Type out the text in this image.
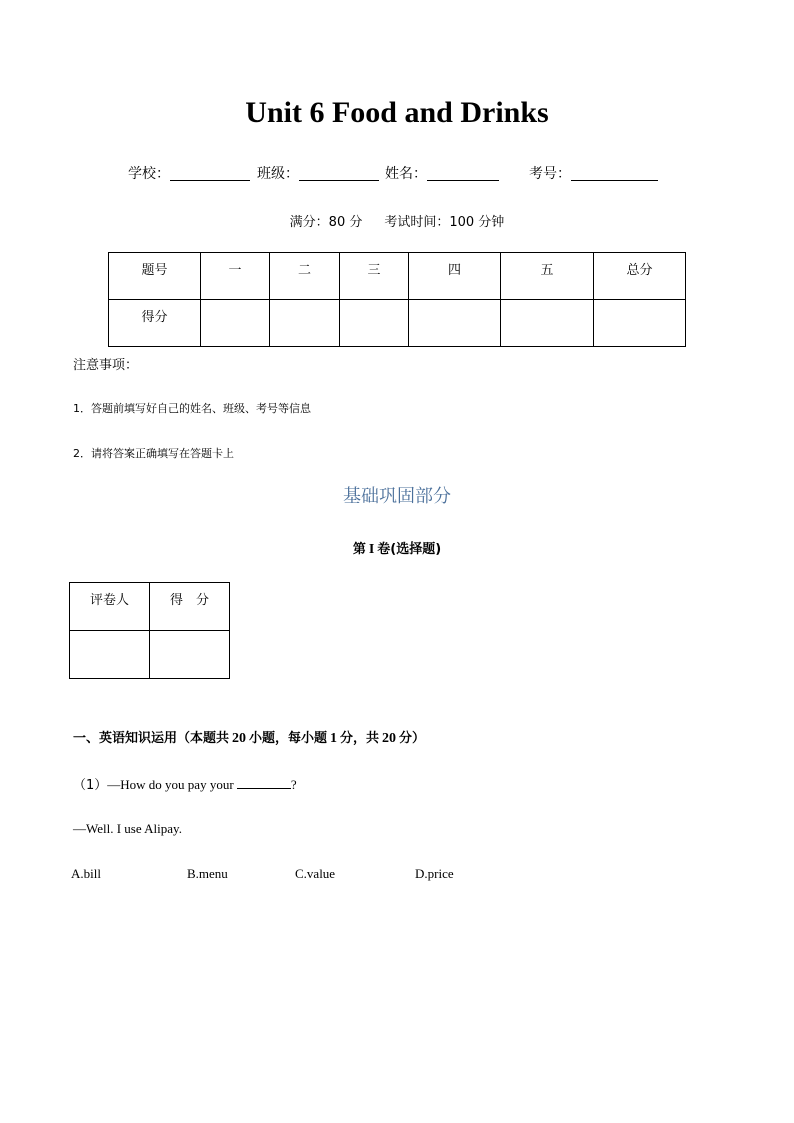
Unit 6 Food and Drinks
学校：	班级：	姓名：	考号：
满分：80 分 考试时间：100 分钟
题号	一	二	三	四	五	总分
得分						
注意事项：
1．答题前填写好自己的姓名、班级、考号等信息
2．请将答案正确填写在答题卡上
基础巩固部分
第 I 卷(选择题)
评卷人	得　分

一、英语知识运用（本题共 20 小题，每小题 1 分，共 20 分）
（1）—How do you pay your	?
—Well. I use Alipay.
A.bill	B.menu	C.value	D.price
